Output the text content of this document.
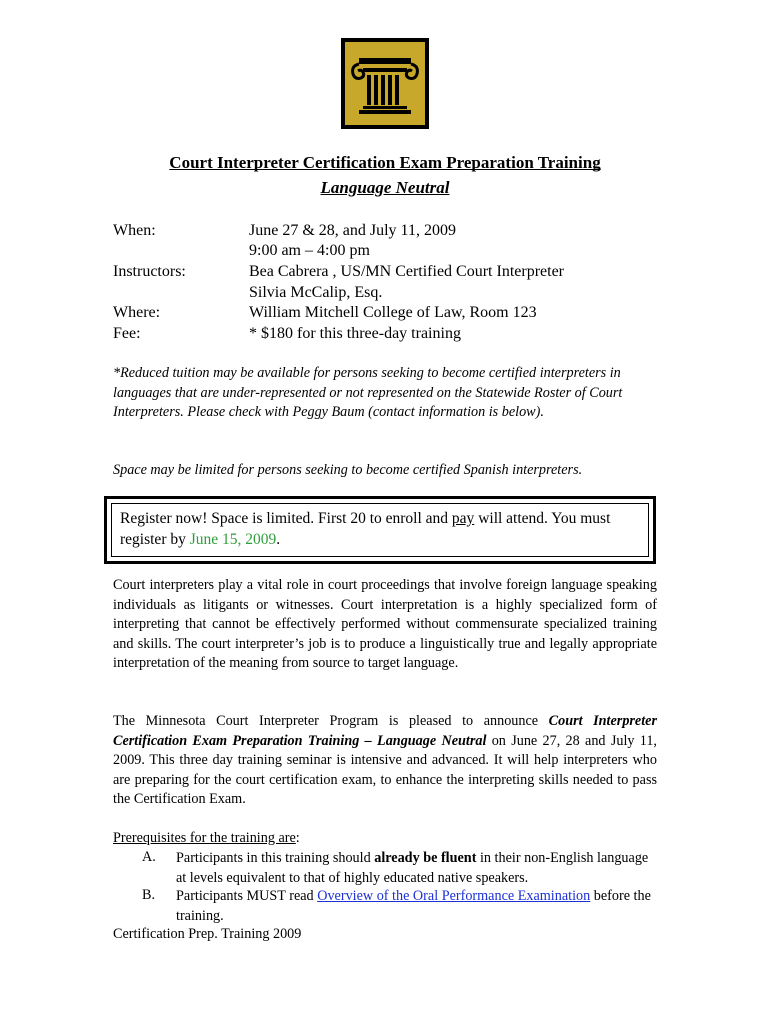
Court Interpreter Certification Exam Preparation Training
Language Neutral
When:	June 27 & 28, and July 11, 2009
9:00 am – 4:00 pm
Instructors:	Bea Cabrera , US/MN Certified Court Interpreter
Silvia McCalip, Esq.
Where:	William Mitchell College of Law, Room 123
Fee:	* $180 for this three-day training
*Reduced tuition may be available for persons seeking to become certified interpreters in languages that are under-represented or not represented on the Statewide Roster of Court Interpreters. Please check with Peggy Baum (contact information is below).
Space may be limited for persons seeking to become certified Spanish interpreters.
Register now! Space is limited. First 20 to enroll and pay will attend. You must register by June 15, 2009.
Court interpreters play a vital role in court proceedings that involve foreign language speaking individuals as litigants or witnesses. Court interpretation is a highly specialized form of interpreting that cannot be effectively performed without commensurate specialized training and skills. The court interpreter’s job is to produce a linguistically true and legally appropriate interpretation of the meaning from source to target language.
The Minnesota Court Interpreter Program is pleased to announce Court Interpreter Certification Exam Preparation Training – Language Neutral on June 27, 28 and July 11, 2009. This three day training seminar is intensive and advanced. It will help interpreters who are preparing for the court certification exam, to enhance the interpreting skills needed to pass the Certification Exam.
Prerequisites for the training are:
A. Participants in this training should already be fluent in their non-English language at levels equivalent to that of highly educated native speakers.
B. Participants MUST read Overview of the Oral Performance Examination before the training.
Certification Prep. Training 2009
